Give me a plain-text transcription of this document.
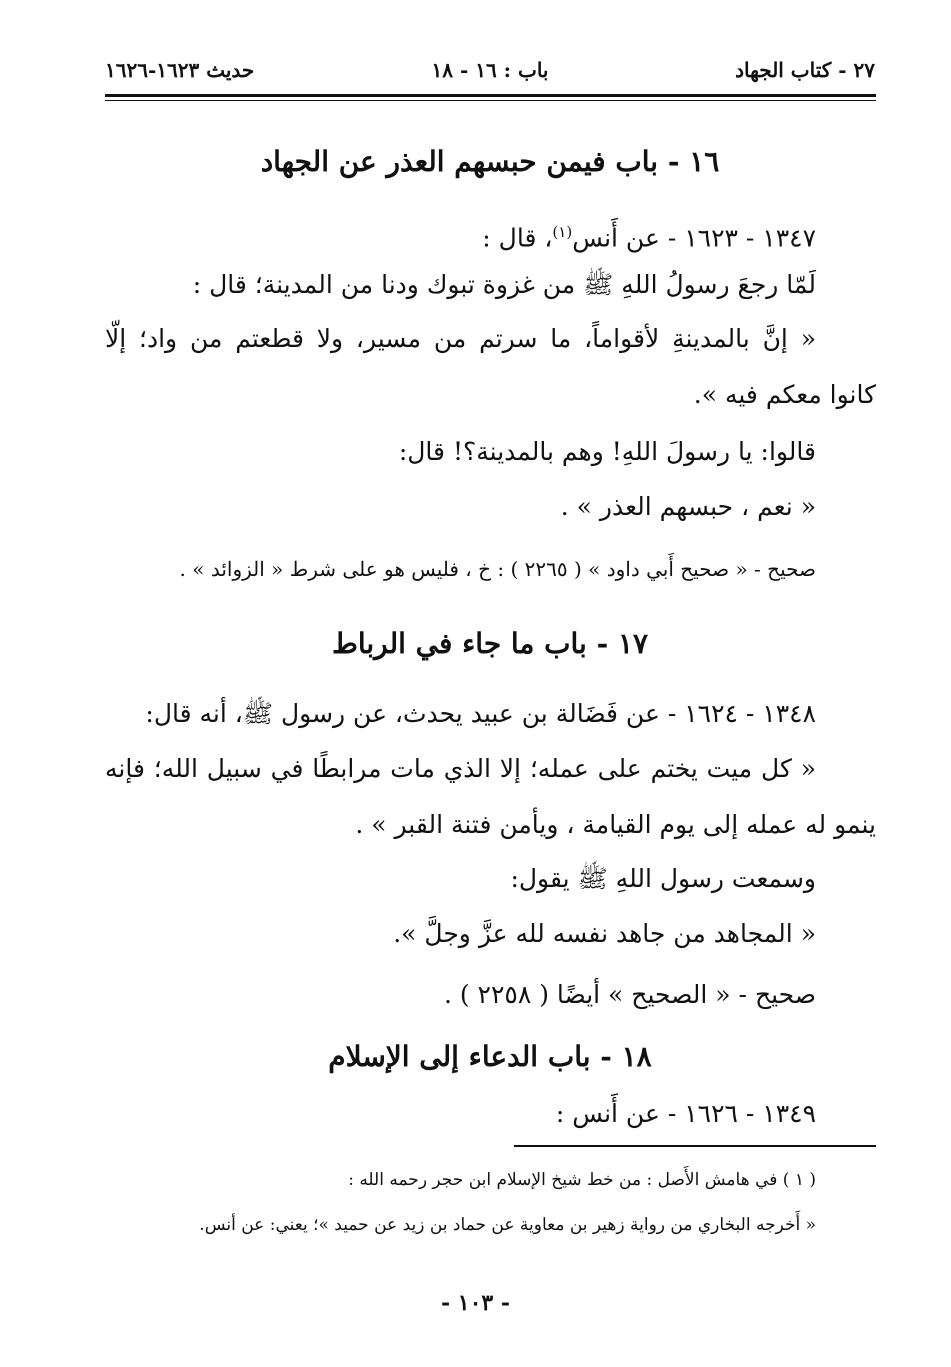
٢٧ - كتاب الجهاد
باب : ١٦ - ١٨
حديث ١٦٢٣-١٦٢٦
١٦ - باب فيمن حبسهم العذر عن الجهاد
١٣٤٧ - ١٦٢٣ - عن أَنس$^{(١)}$، قال :
لَمّا رجعَ رسولُ اللهِ ﷺ من غزوة تبوك ودنا من المدينة؛ قال :
« إنَّ بالمدينةِ لأقواماً، ما سرتم من مسير، ولا قطعتم من واد؛ إلّا
كانوا معكم فيه ».
قالوا: يا رسولَ اللهِ! وهم بالمدينة؟! قال:
« نعم ، حبسهم العذر » .
صحيح - « صحيح أَبي داود » ( ٢٢٦٥ ) : خ ، فليس هو على شرط « الزوائد » .
١٧ - باب ما جاء في الرباط
١٣٤٨ - ١٦٢٤ - عن فَضَالة بن عبيد يحدث، عن رسول ﷺ، أنه قال:
« كل ميت يختم على عمله؛ إلا الذي مات مرابطًا في سبيل الله؛ فإنه
ينمو له عمله إلى يوم القيامة ، ويأمن فتنة القبر » .
وسمعت رسول اللهِ ﷺ يقول:
« المجاهد من جاهد نفسه لله عزَّ وجلَّ ».
صحيح - « الصحيح » أيضًا ( ٢٢٥٨ ) .
١٨ - باب الدعاء إلى الإسلام
١٣٤٩ - ١٦٢٦ - عن أَنس :
( ١ ) في هامش الأَصل : من خط شيخ الإسلام ابن حجر رحمه الله :
« أَخرجه البخاري من رواية زهير بن معاوية عن حماد بن زيد عن حميد »؛ يعني: عن أنس.
- ١٠٣ -
